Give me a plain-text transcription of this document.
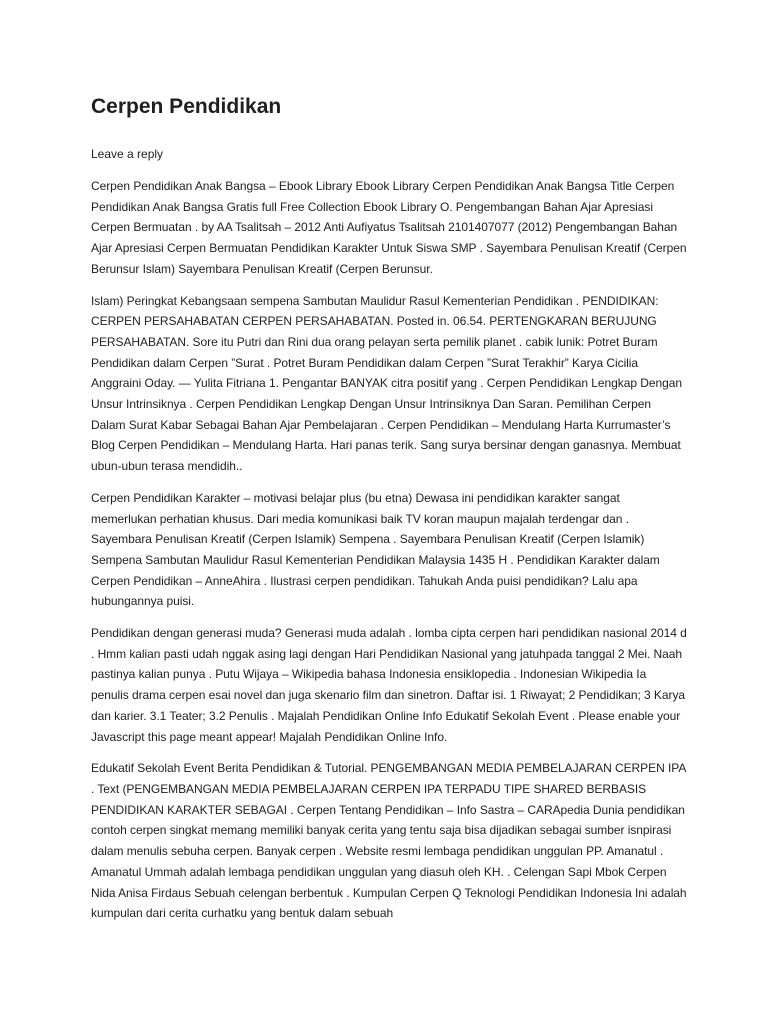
Cerpen Pendidikan
Leave a reply

Cerpen Pendidikan Anak Bangsa – Ebook Library Ebook Library Cerpen Pendidikan Anak Bangsa Title Cerpen Pendidikan Anak Bangsa Gratis full Free Collection Ebook Library O. Pengembangan Bahan Ajar Apresiasi Cerpen Bermuatan . by AA Tsalitsah – 2012 Anti Aufiyatus Tsalitsah 2101407077 (2012) Pengembangan Bahan Ajar Apresiasi Cerpen Bermuatan Pendidikan Karakter Untuk Siswa SMP . Sayembara Penulisan Kreatif (Cerpen Berunsur Islam) Sayembara Penulisan Kreatif (Cerpen Berunsur.

Islam) Peringkat Kebangsaan sempena Sambutan Maulidur Rasul Kementerian Pendidikan . PENDIDIKAN: CERPEN PERSAHABATAN CERPEN PERSAHABATAN. Posted in. 06.54. PERTENGKARAN BERUJUNG PERSAHABATAN. Sore itu Putri dan Rini dua orang pelayan serta pemilik planet . cabik lunik: Potret Buram Pendidikan dalam Cerpen ”Surat . Potret Buram Pendidikan dalam Cerpen ”Surat Terakhir” Karya Cicilia Anggraini Oday. — Yulita Fitriana 1. Pengantar BANYAK citra positif yang . Cerpen Pendidikan Lengkap Dengan Unsur Intrinsiknya . Cerpen Pendidikan Lengkap Dengan Unsur Intrinsiknya Dan Saran. Pemilihan Cerpen Dalam Surat Kabar Sebagai Bahan Ajar Pembelajaran . Cerpen Pendidikan – Mendulang Harta Kurrumaster’s Blog Cerpen Pendidikan – Mendulang Harta. Hari panas terik. Sang surya bersinar dengan ganasnya. Membuat ubun-ubun terasa mendidih..

Cerpen Pendidikan Karakter – motivasi belajar plus (bu etna) Dewasa ini pendidikan karakter sangat memerlukan perhatian khusus. Dari media komunikasi baik TV koran maupun majalah terdengar dan . Sayembara Penulisan Kreatif (Cerpen Islamik) Sempena . Sayembara Penulisan Kreatif (Cerpen Islamik) Sempena Sambutan Maulidur Rasul Kementerian Pendidikan Malaysia 1435 H . Pendidikan Karakter dalam Cerpen Pendidikan – AnneAhira . Ilustrasi cerpen pendidikan. Tahukah Anda puisi pendidikan? Lalu apa hubungannya puisi.

Pendidikan dengan generasi muda? Generasi muda adalah . lomba cipta cerpen hari pendidikan nasional 2014 d . Hmm kalian pasti udah nggak asing lagi dengan Hari Pendidikan Nasional yang jatuhpada tanggal 2 Mei. Naah pastinya kalian punya . Putu Wijaya – Wikipedia bahasa Indonesia ensiklopedia . Indonesian Wikipedia Ia penulis drama cerpen esai novel dan juga skenario film dan sinetron. Daftar isi. 1 Riwayat; 2 Pendidikan; 3 Karya dan karier. 3.1 Teater; 3.2 Penulis . Majalah Pendidikan Online Info Edukatif Sekolah Event . Please enable your Javascript this page meant appear! Majalah Pendidikan Online Info.

Edukatif Sekolah Event Berita Pendidikan & Tutorial. PENGEMBANGAN MEDIA PEMBELAJARAN CERPEN IPA . Text (PENGEMBANGAN MEDIA PEMBELAJARAN CERPEN IPA TERPADU TIPE SHARED BERBASIS PENDIDIKAN KARAKTER SEBAGAI . Cerpen Tentang Pendidikan – Info Sastra – CARApedia Dunia pendidikan contoh cerpen singkat memang memiliki banyak cerita yang tentu saja bisa dijadikan sebagai sumber isnpirasi dalam menulis sebuha cerpen. Banyak cerpen . Website resmi lembaga pendidikan unggulan PP. Amanatul . Amanatul Ummah adalah lembaga pendidikan unggulan yang diasuh oleh KH. . Celengan Sapi Mbok Cerpen Nida Anisa Firdaus Sebuah celengan berbentuk . Kumpulan Cerpen Q Teknologi Pendidikan Indonesia Ini adalah kumpulan dari cerita curhatku yang bentuk dalam sebuah
